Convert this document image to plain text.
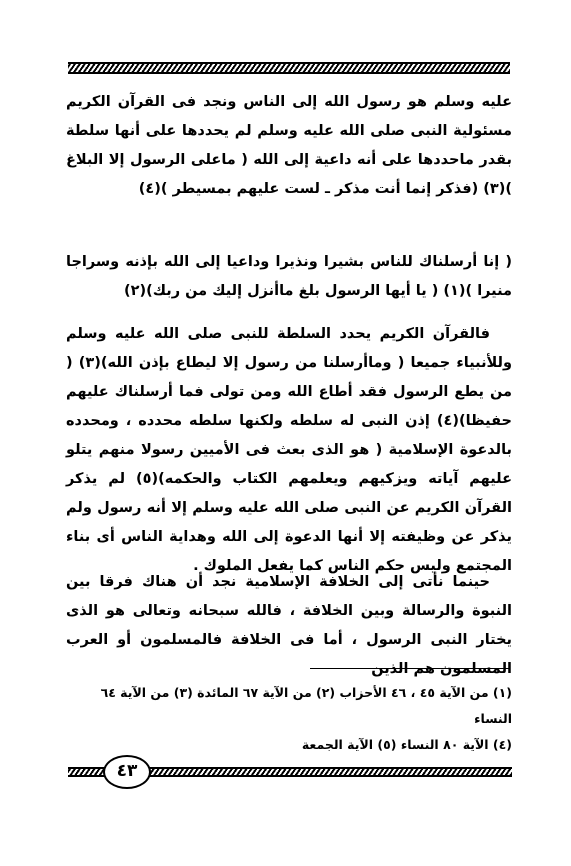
عليه وسلم هو رسول الله إلى الناس ونجد فى القرآن الكريم مسئولية النبى صلى الله عليه وسلم لم يحددها على أنها سلطة بقدر ماحددها على أنه داعية إلى الله ( ماعلى الرسول إلا البلاغ )(٣) (فذكر إنما أنت مذكر ـ لست عليهم بمسيطر )(٤)
( إنا أرسلناك للناس بشيرا ونذيرا وداعيا إلى الله بإذنه وسراجا منيرا )(١) ( يا أيها الرسول بلغ ماأنزل إليك من ربك)(٢)
فالقرآن الكريم يحدد السلطة للنبى صلى الله عليه وسلم وللأنبياء جميعا ( وماأرسلنا من رسول إلا ليطاع بإذن الله)(٣) ( من يطع الرسول فقد أطاع الله ومن تولى فما أرسلناك عليهم حفيظا)(٤) إذن النبى له سلطه ولكنها سلطه محدده ، ومحدده بالدعوة الإسلامية ( هو الذى بعث فى الأميين رسولا منهم يتلو عليهم آياته ويزكيهم ويعلمهم الكتاب والحكمه)(٥) لم يذكر القرآن الكريم عن النبى صلى الله عليه وسلم إلا أنه رسول ولم يذكر عن وظيفته إلا أنها الدعوة إلى الله وهداية الناس أى بناء المجتمع وليس حكم الناس كما يفعل الملوك .
حينما نأتى إلى الخلافة الإسلامية نجد أن هناك فرقا بين النبوة والرسالة وبين الخلافة ، فالله سبحانه وتعالى هو الذى يختار النبى الرسول ، أما فى الخلافة فالمسلمون أو العرب المسلمون هم الذين
(١) من الآية ٤٥ ، ٤٦ الأحزاب (٢) من الآية ٦٧ المائدة (٣) من الآية ٦٤ النساء
(٤) الآية ٨٠ النساء (٥) الآية الجمعة
٤٣
